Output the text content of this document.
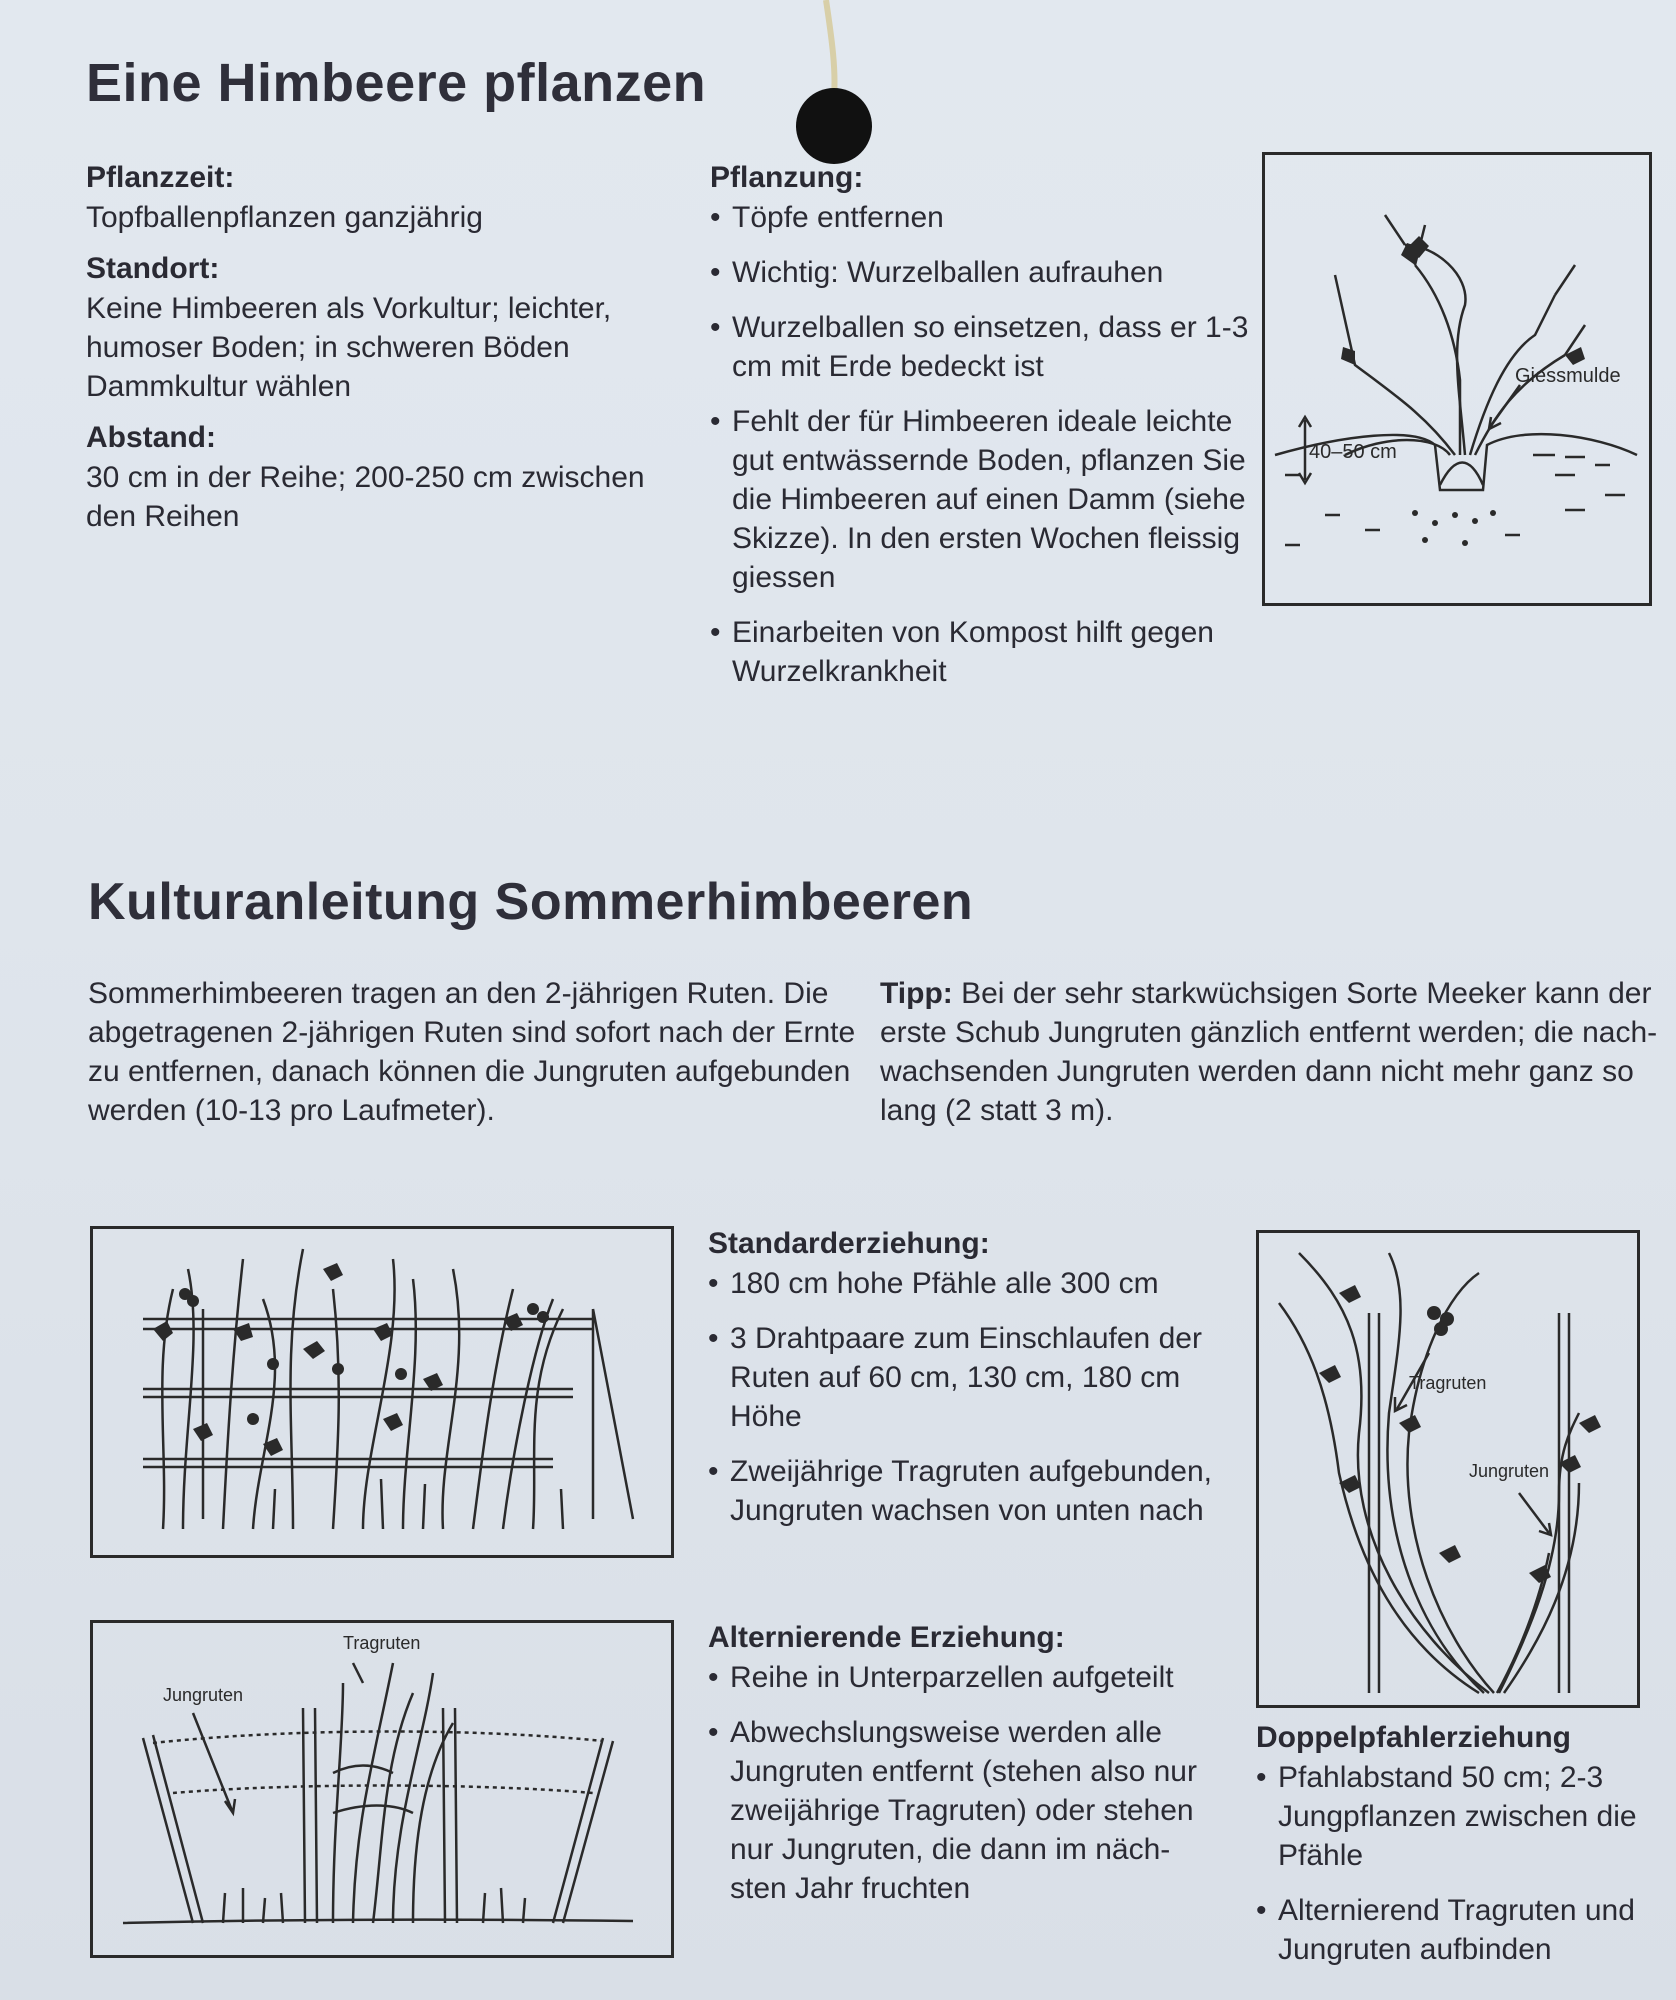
Eine Himbeere pflanzen
Pflanzzeit:
Topfballenpflanzen ganzjährig
Standort:
Keine Himbeeren als Vorkultur; leichter,
humoser Boden; in schweren Böden
Dammkultur wählen
Abstand:
30 cm in der Reihe; 200-250 cm zwischen
den Reihen
Pflanzung:
• Töpfe entfernen
• Wichtig: Wurzelballen aufrauhen
• Wurzelballen so einsetzen, dass er 1-3
cm mit Erde bedeckt ist
• Fehlt der für Himbeeren ideale leichte
gut entwässernde Boden, pflanzen Sie
die Himbeeren auf einen Damm (siehe
Skizze). In den ersten Wochen fleissig
giessen
• Einarbeiten von Kompost hilft gegen Wurzelkrankheit
Giessmulde
40–50 cm
Kulturanleitung Sommerhimbeeren
Sommerhimbeeren tragen an den 2-jährigen Ruten. Die
abgetragenen 2-jährigen Ruten sind sofort nach der Ernte
zu entfernen, danach können die Jungruten aufgebunden
werden (10-13 pro Laufmeter).
Tipp: Bei der sehr starkwüchsigen Sorte Meeker kann der
erste Schub Jungruten gänzlich entfernt werden; die nach-
wachsenden Jungruten werden dann nicht mehr ganz so
lang (2 statt 3 m).
Standarderziehung:
• 180 cm hohe Pfähle alle 300 cm
• 3 Drahtpaare zum Einschlaufen der
Ruten auf 60 cm, 130 cm, 180 cm
Höhe
• Zweijährige Tragruten aufgebunden,
Jungruten wachsen von unten nach
Tragruten
Jungruten
Alternierende Erziehung:
• Reihe in Unterparzellen aufgeteilt
• Abwechslungsweise werden alle
Jungruten entfernt (stehen also nur
zweijährige Tragruten) oder stehen
nur Jungruten, die dann im näch-
sten Jahr fruchten
Tragruten
Jungruten
Doppelpfahlerziehung
• Pfahlabstand 50 cm; 2-3
Jungpflanzen zwischen die
Pfähle
• Alternierend Tragruten und
Jungruten aufbinden
